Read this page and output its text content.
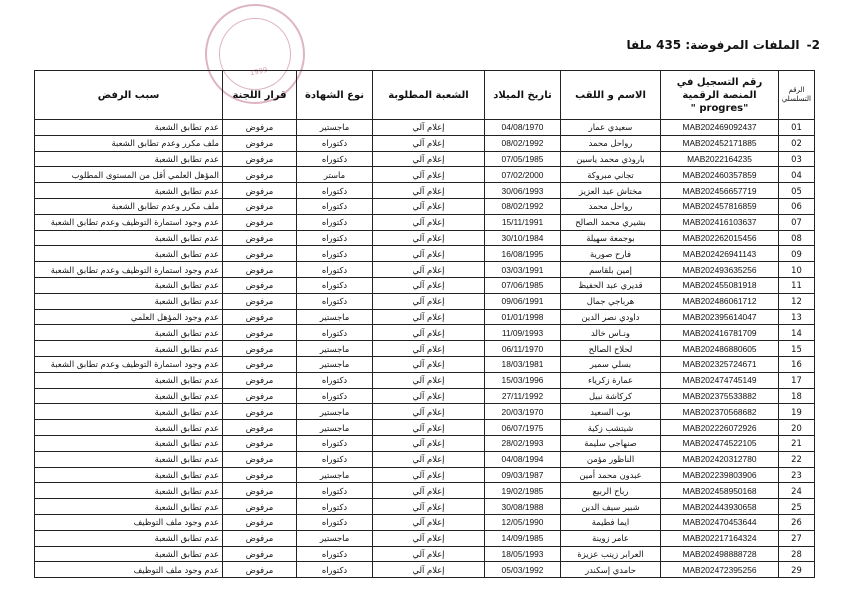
2- الملفات المرفوضة: 435 ملفا
1999
الرقم التسلسلي	رقم التسجيل في
المنصة الرقمية
" progres"	الاسم و اللقب	تاريخ الميلاد	الشعبة المطلوبة	نوع الشهادة	قرار اللجنة	سبب الرفض
01	MAB202469092437	سعيدي عمار	04/08/1970	إعلام آلي	ماجستير	مرفوض	عدم تطابق الشعبة
02	MAB202452171885	رواحل محمد	08/02/1992	إعلام آلي	دكتوراه	مرفوض	ملف مكرر وعدم تطابق الشعبة
03	MAB2022164235	باروذي محمد ياسين	07/05/1985	إعلام آلي	دكتوراه	مرفوض	عدم تطابق الشعبة
04	MAB202460357859	تجاني مبروكة	07/02/2000	إعلام آلي	ماستر	مرفوض	المؤهل العلمي أقل من المستوى المطلوب
05	MAB202456657719	مختاش عبد العزيز	30/06/1993	إعلام آلي	دكتوراه	مرفوض	عدم تطابق الشعبة
06	MAB202457816859	رواحل محمد	08/02/1992	إعلام آلي	دكتوراه	مرفوض	ملف مكرر وعدم تطابق الشعبة
07	MAB202416103637	بشيري محمد الصالح	15/11/1991	إعلام آلي	دكتوراه	مرفوض	عدم وجود استمارة التوظيف وعدم تطابق الشعبة
08	MAB202262015456	بوجمعة سهيلة	30/10/1984	إعلام آلي	دكتوراه	مرفوض	عدم تطابق الشعبة
09	MAB202426941143	فارح صورية	16/08/1995	إعلام آلي	دكتوراه	مرفوض	عدم تطابق الشعبة
10	MAB202493635256	إمين بلقاسم	03/03/1991	إعلام آلي	دكتوراه	مرفوض	عدم وجود استمارة التوظيف وعدم تطابق الشعبة
11	MAB202455081918	قديري عبد الحفيظ	07/06/1985	إعلام آلي	دكتوراه	مرفوض	عدم تطابق الشعبة
12	MAB202486061712	هرباجي جمال	09/06/1991	إعلام آلي	دكتوراه	مرفوض	عدم تطابق الشعبة
13	MAB202395614047	داودي نصر الدين	01/01/1998	إعلام آلي	ماجستير	مرفوض	عدم وجود المؤهل العلمي
14	MAB202416781709	ونـاس خالد	11/09/1993	إعلام آلي	دكتوراه	مرفوض	عدم تطابق الشعبة
15	MAB202486880605	لحلاح الصالح	06/11/1970	إعلام آلي	ماجستير	مرفوض	عدم تطابق الشعبة
16	MAB202325724671	بسلي سمير	18/03/1981	إعلام آلي	ماجستير	مرفوض	عدم وجود استمارة التوظيف وعدم تطابق الشعبة
17	MAB202474745149	عمارة زكرياء	15/03/1996	إعلام آلي	دكتوراه	مرفوض	عدم تطابق الشعبة
18	MAB202375533882	كركاشة نبيل	27/11/1992	إعلام آلي	دكتوراه	مرفوض	عدم تطابق الشعبة
19	MAB202370568682	بوب السعيد	20/03/1970	إعلام آلي	ماجستير	مرفوض	عدم تطابق الشعبة
20	MAB202226072926	شيتشب زكية	06/07/1975	إعلام آلي	ماجستير	مرفوض	عدم تطابق الشعبة
21	MAB202474522105	صنهاجي سليمة	28/02/1993	إعلام آلي	دكتوراه	مرفوض	عدم تطابق الشعبة
22	MAB202420312780	الناظور مؤمن	04/08/1994	إعلام آلي	دكتوراه	مرفوض	عدم تطابق الشعبة
23	MAB202239803906	عبدون محمد أمين	09/03/1987	إعلام آلي	ماجستير	مرفوض	عدم تطابق الشعبة
24	MAB202458950168	رباح الربيع	19/02/1985	إعلام آلي	دكتوراه	مرفوض	عدم تطابق الشعبة
25	MAB202443930658	شبير سيف الدين	30/08/1988	إعلام آلي	دكتوراه	مرفوض	عدم تطابق الشعبة
26	MAB202470453644	ايما فطيمة	12/05/1990	إعلام آلي	دكتوراه	مرفوض	عدم وجود ملف التوظيف
27	MAB202217164324	عامر زوينة	14/09/1985	إعلام آلي	ماجستير	مرفوض	عدم تطابق الشعبة
28	MAB202498888728	العرابر زينب عزيزة	18/05/1993	إعلام آلي	دكتوراه	مرفوض	عدم تطابق الشعبة
29	MAB202472395256	حامدي إسكندر	05/03/1992	إعلام آلي	دكتوراه	مرفوض	عدم وجود ملف التوظيف
